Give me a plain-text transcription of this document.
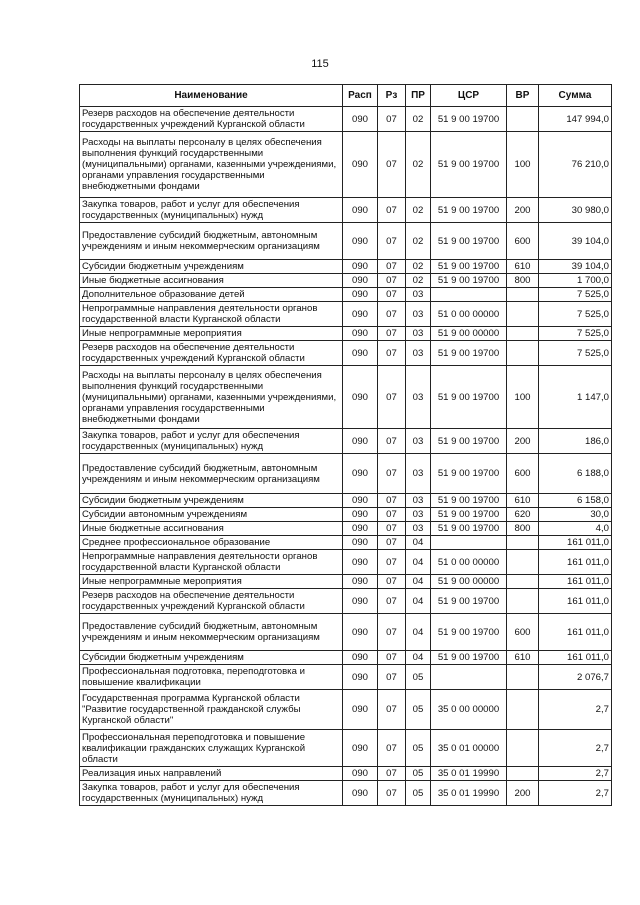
115
Наименование	Расп	Рз	ПР	ЦСР	ВР	Сумма
Резерв расходов на обеспечение деятельности государственных учреждений Курганской области	090	07	02	51 9 00 19700		147 994,0
Расходы на выплаты персоналу в целях обеспечения выполнения функций государственными (муниципальными) органами, казенными учреждениями, органами управления государственными внебюджетными фондами	090	07	02	51 9 00 19700	100	76 210,0
Закупка товаров, работ и услуг для обеспечения государственных (муниципальных) нужд	090	07	02	51 9 00 19700	200	30 980,0
Предоставление субсидий бюджетным, автономным учреждениям и иным некоммерческим организациям	090	07	02	51 9 00 19700	600	39 104,0
Субсидии бюджетным учреждениям	090	07	02	51 9 00 19700	610	39 104,0
Иные бюджетные ассигнования	090	07	02	51 9 00 19700	800	1 700,0
Дополнительное образование детей	090	07	03			7 525,0
Непрограммные направления деятельности органов государственной власти Курганской области	090	07	03	51 0 00 00000		7 525,0
Иные непрограммные мероприятия	090	07	03	51 9 00 00000		7 525,0
Резерв расходов на обеспечение деятельности государственных учреждений Курганской области	090	07	03	51 9 00 19700		7 525,0
Расходы на выплаты персоналу в целях обеспечения выполнения функций государственными (муниципальными) органами, казенными учреждениями, органами управления государственными внебюджетными фондами	090	07	03	51 9 00 19700	100	1 147,0
Закупка товаров, работ и услуг для обеспечения государственных (муниципальных) нужд	090	07	03	51 9 00 19700	200	186,0
Предоставление субсидий бюджетным, автономным учреждениям и иным некоммерческим организациям	090	07	03	51 9 00 19700	600	6 188,0
Субсидии бюджетным учреждениям	090	07	03	51 9 00 19700	610	6 158,0
Субсидии автономным учреждениям	090	07	03	51 9 00 19700	620	30,0
Иные бюджетные ассигнования	090	07	03	51 9 00 19700	800	4,0
Среднее профессиональное образование	090	07	04			161 011,0
Непрограммные направления деятельности органов государственной власти Курганской области	090	07	04	51 0 00 00000		161 011,0
Иные непрограммные мероприятия	090	07	04	51 9 00 00000		161 011,0
Резерв расходов на обеспечение деятельности государственных учреждений Курганской области	090	07	04	51 9 00 19700		161 011,0
Предоставление субсидий бюджетным, автономным учреждениям и иным некоммерческим организациям	090	07	04	51 9 00 19700	600	161 011,0
Субсидии бюджетным учреждениям	090	07	04	51 9 00 19700	610	161 011,0
Профессиональная подготовка, переподготовка и повышение квалификации	090	07	05			2 076,7
Государственная программа Курганской области "Развитие государственной гражданской службы Курганской области"	090	07	05	35 0 00 00000		2,7
Профессиональная переподготовка и повышение квалификации гражданских служащих Курганской области	090	07	05	35 0 01 00000		2,7
Реализация иных направлений	090	07	05	35 0 01 19990		2,7
Закупка товаров, работ и услуг для обеспечения государственных (муниципальных) нужд	090	07	05	35 0 01 19990	200	2,7
